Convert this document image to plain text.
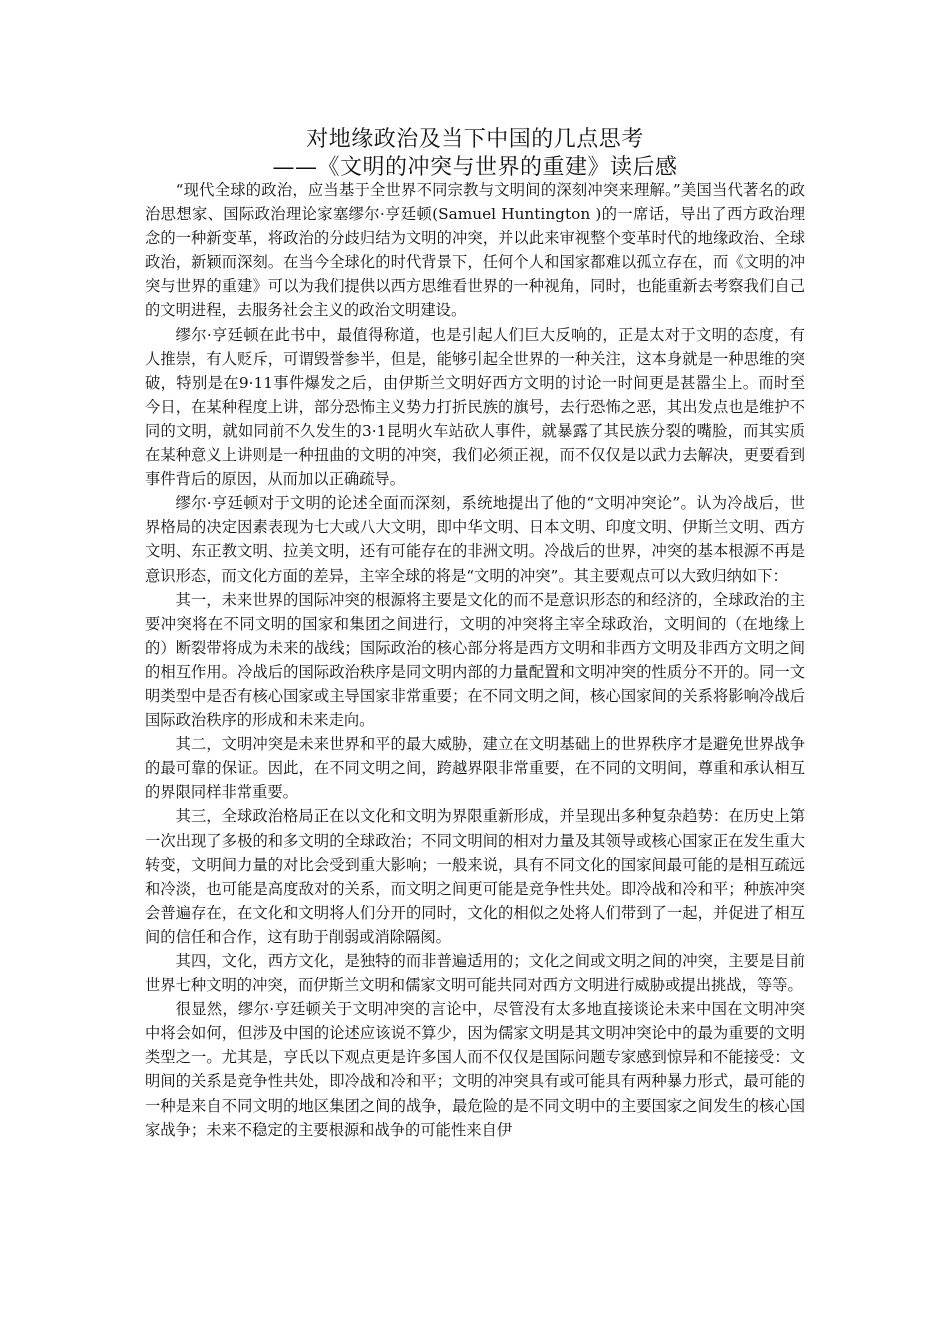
对地缘政治及当下中国的几点思考
——《文明的冲突与世界的重建》读后感

“现代全球的政治，应当基于全世界不同宗教与文明间的深刻冲突来理解。”美国当代著名的政治思想家、国际政治理论家塞缪尔·亨廷顿(Samuel Huntington )的一席话，导出了西方政治理念的一种新变革，将政治的分歧归结为文明的冲突，并以此来审视整个变革时代的地缘政治、全球政治，新颖而深刻。在当今全球化的时代背景下，任何个人和国家都难以孤立存在，而《文明的冲突与世界的重建》可以为我们提供以西方思维看世界的一种视角，同时，也能重新去考察我们自己的文明进程，去服务社会主义的政治文明建设。

缪尔·亨廷顿在此书中，最值得称道，也是引起人们巨大反响的，正是太对于文明的态度，有人推崇，有人贬斥，可谓毁誉参半，但是，能够引起全世界的一种关注，这本身就是一种思维的突破，特别是在9·11事件爆发之后，由伊斯兰文明好西方文明的讨论一时间更是甚嚣尘上。而时至今日，在某种程度上讲，部分恐怖主义势力打折民族的旗号，去行恐怖之恶，其出发点也是维护不同的文明，就如同前不久发生的3·1昆明火车站砍人事件，就暴露了其民族分裂的嘴脸，而其实质在某种意义上讲则是一种扭曲的文明的冲突，我们必须正视，而不仅仅是以武力去解决，更要看到事件背后的原因，从而加以正确疏导。

缪尔·亨廷顿对于文明的论述全面而深刻，系统地提出了他的“文明冲突论”。认为冷战后，世界格局的决定因素表现为七大或八大文明，即中华文明、日本文明、印度文明、伊斯兰文明、西方文明、东正教文明、拉美文明，还有可能存在的非洲文明。冷战后的世界，冲突的基本根源不再是意识形态，而文化方面的差异，主宰全球的将是“文明的冲突”。其主要观点可以大致归纳如下：

其一，未来世界的国际冲突的根源将主要是文化的而不是意识形态的和经济的，全球政治的主要冲突将在不同文明的国家和集团之间进行，文明的冲突将主宰全球政治，文明间的（在地缘上的）断裂带将成为未来的战线；国际政治的核心部分将是西方文明和非西方文明及非西方文明之间的相互作用。冷战后的国际政治秩序是同文明内部的力量配置和文明冲突的性质分不开的。同一文明类型中是否有核心国家或主导国家非常重要；在不同文明之间，核心国家间的关系将影响冷战后国际政治秩序的形成和未来走向。

其二，文明冲突是未来世界和平的最大威胁，建立在文明基础上的世界秩序才是避免世界战争的最可靠的保证。因此，在不同文明之间，跨越界限非常重要，在不同的文明间，尊重和承认相互的界限同样非常重要。

其三，全球政治格局正在以文化和文明为界限重新形成，并呈现出多种复杂趋势：在历史上第一次出现了多极的和多文明的全球政治；不同文明间的相对力量及其领导或核心国家正在发生重大转变，文明间力量的对比会受到重大影响；一般来说，具有不同文化的国家间最可能的是相互疏远和冷淡，也可能是高度敌对的关系，而文明之间更可能是竞争性共处。即冷战和冷和平；种族冲突会普遍存在，在文化和文明将人们分开的同时，文化的相似之处将人们带到了一起，并促进了相互间的信任和合作，这有助于削弱或消除隔阂。

其四，文化，西方文化，是独特的而非普遍适用的；文化之间或文明之间的冲突，主要是目前世界七种文明的冲突，而伊斯兰文明和儒家文明可能共同对西方文明进行威胁或提出挑战，等等。

很显然，缪尔·亨廷顿关于文明冲突的言论中，尽管没有太多地直接谈论未来中国在文明冲突中将会如何，但涉及中国的论述应该说不算少，因为儒家文明是其文明冲突论中的最为重要的文明类型之一。尤其是，亨氏以下观点更是许多国人而不仅仅是国际问题专家感到惊异和不能接受：文明间的关系是竞争性共处，即冷战和冷和平；文明的冲突具有或可能具有两种暴力形式，最可能的一种是来自不同文明的地区集团之间的战争，最危险的是不同文明中的主要国家之间发生的核心国家战争；未来不稳定的主要根源和战争的可能性来自伊
